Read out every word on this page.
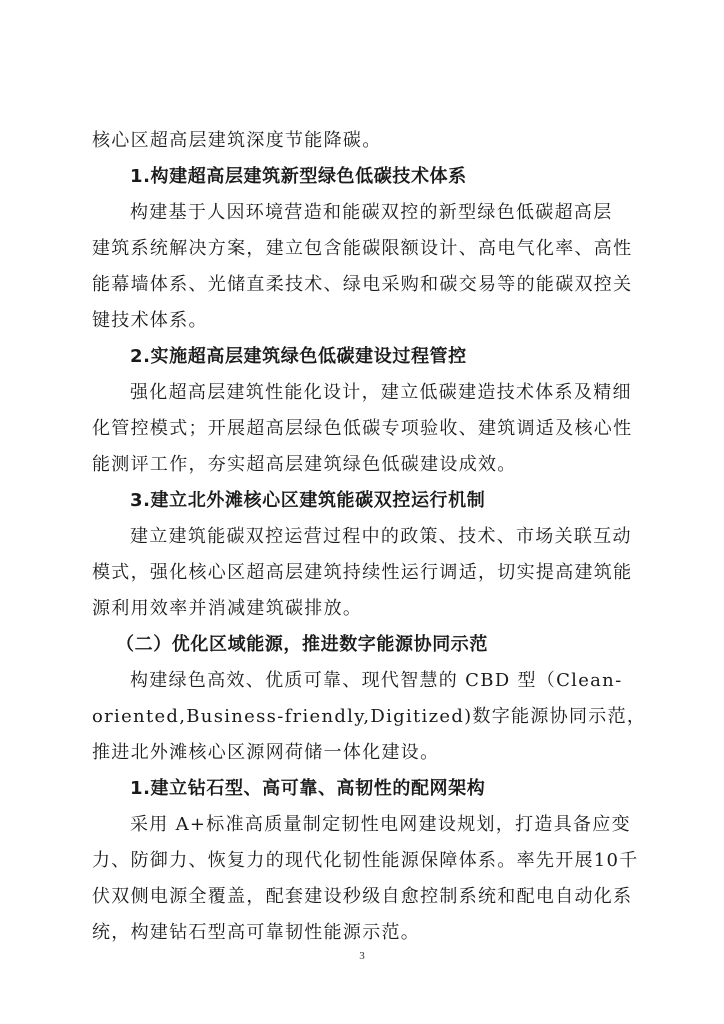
核心区超高层建筑深度节能降碳。
1.构建超高层建筑新型绿色低碳技术体系
构建基于人因环境营造和能碳双控的新型绿色低碳超高层
建筑系统解决方案，建立包含能碳限额设计、高电气化率、高性
能幕墙体系、光储直柔技术、绿电采购和碳交易等的能碳双控关
键技术体系。
2.实施超高层建筑绿色低碳建设过程管控
强化超高层建筑性能化设计，建立低碳建造技术体系及精细
化管控模式；开展超高层绿色低碳专项验收、建筑调适及核心性
能测评工作，夯实超高层建筑绿色低碳建设成效。
3.建立北外滩核心区建筑能碳双控运行机制
建立建筑能碳双控运营过程中的政策、技术、市场关联互动
模式，强化核心区超高层建筑持续性运行调适，切实提高建筑能
源利用效率并消减建筑碳排放。
（二）优化区域能源，推进数字能源协同示范
构建绿色高效、优质可靠、现代智慧的 CBD 型（Clean-
oriented,Business-friendly,Digitized)数字能源协同示范，
推进北外滩核心区源网荷储一体化建设。
1.建立钻石型、高可靠、高韧性的配网架构
采用 A+标准高质量制定韧性电网建设规划，打造具备应变
力、防御力、恢复力的现代化韧性能源保障体系。率先开展10千
伏双侧电源全覆盖，配套建设秒级自愈控制系统和配电自动化系
统，构建钻石型高可靠韧性能源示范。
3
